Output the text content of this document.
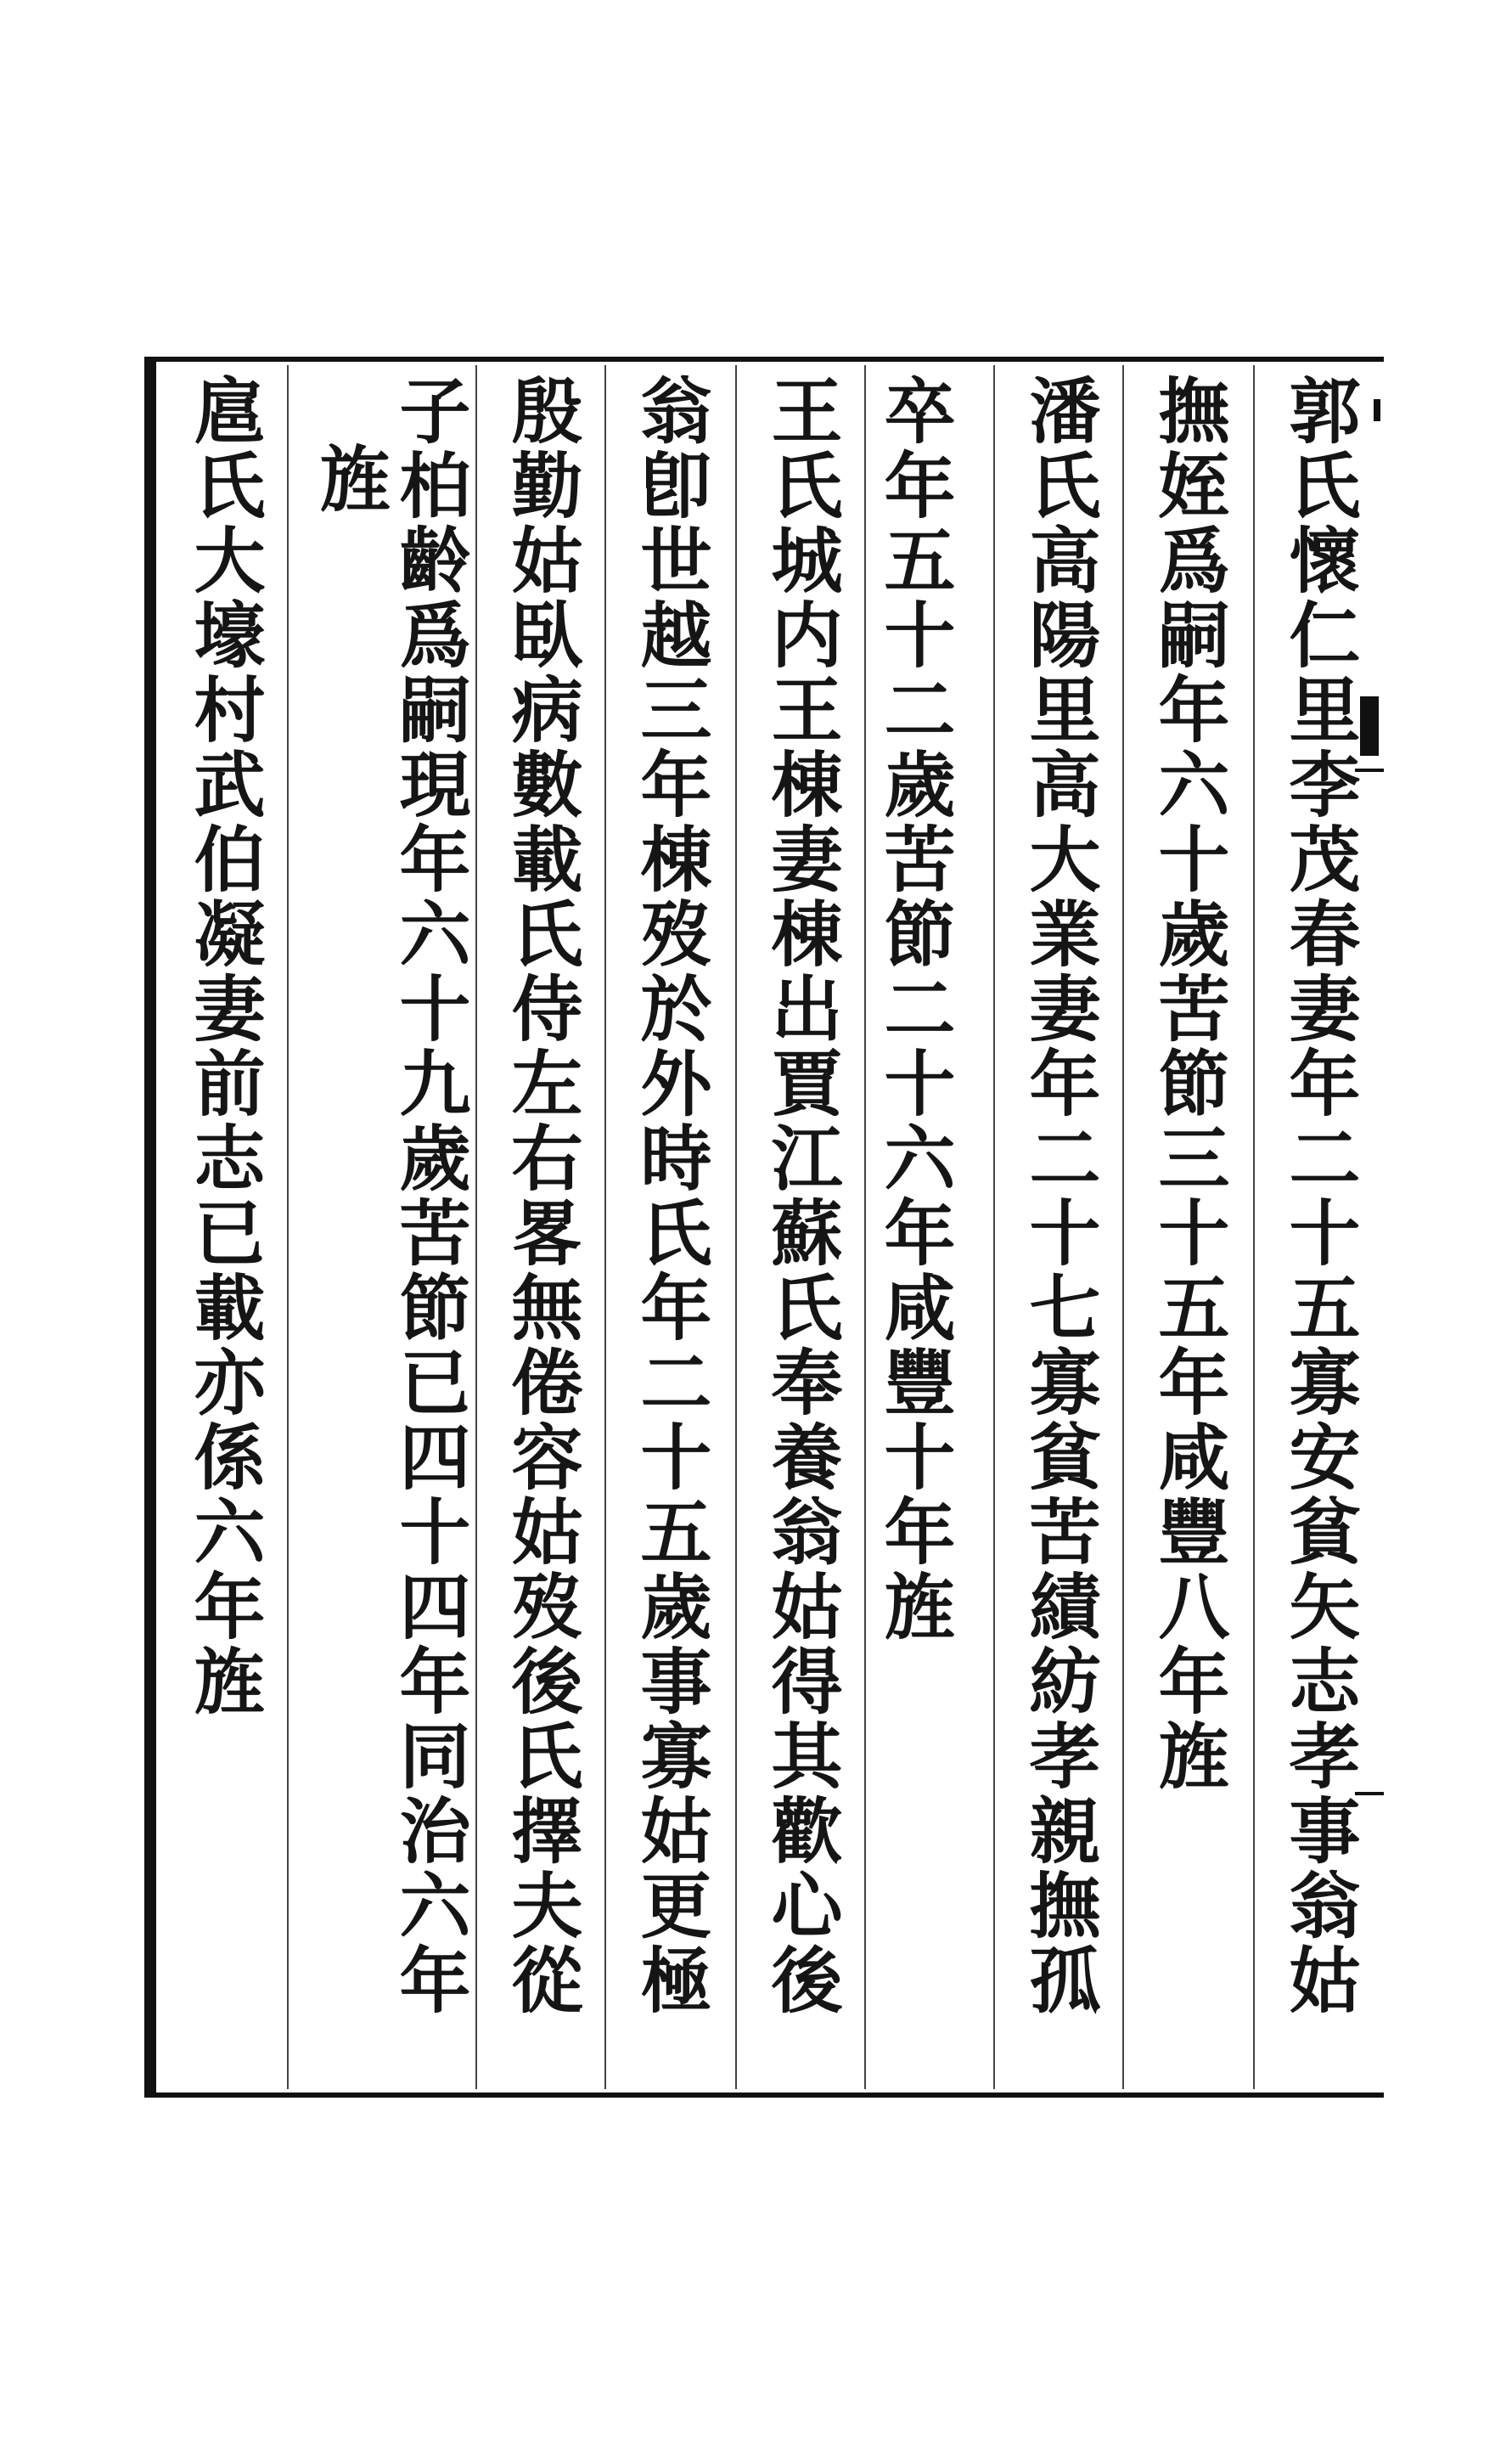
郭氏懷仁里李茂春妻年二十五寡安貧矢志孝事翁姑
撫姪爲嗣年六十歲苦節三十五年咸豐八年旌
潘氏高陽里高大業妻年二十七寡貧苦績紡孝親撫孤
卒年五十二歲苦節二十六年咸豐十年旌
王氏城内王棟妻棟出賈江蘇氏奉養翁姑得其歡心後
翁卽世越三年棟歿於外時氏年二十五歲事寡姑更極
殷勤姑臥病數載氏侍左右畧無倦容姑歿後氏擇夫從
子柏齡爲嗣現年六十九歲苦節已四十四年同治六年
旌
扈氏大壕村武伯凝妻前志已載亦係六年旌
